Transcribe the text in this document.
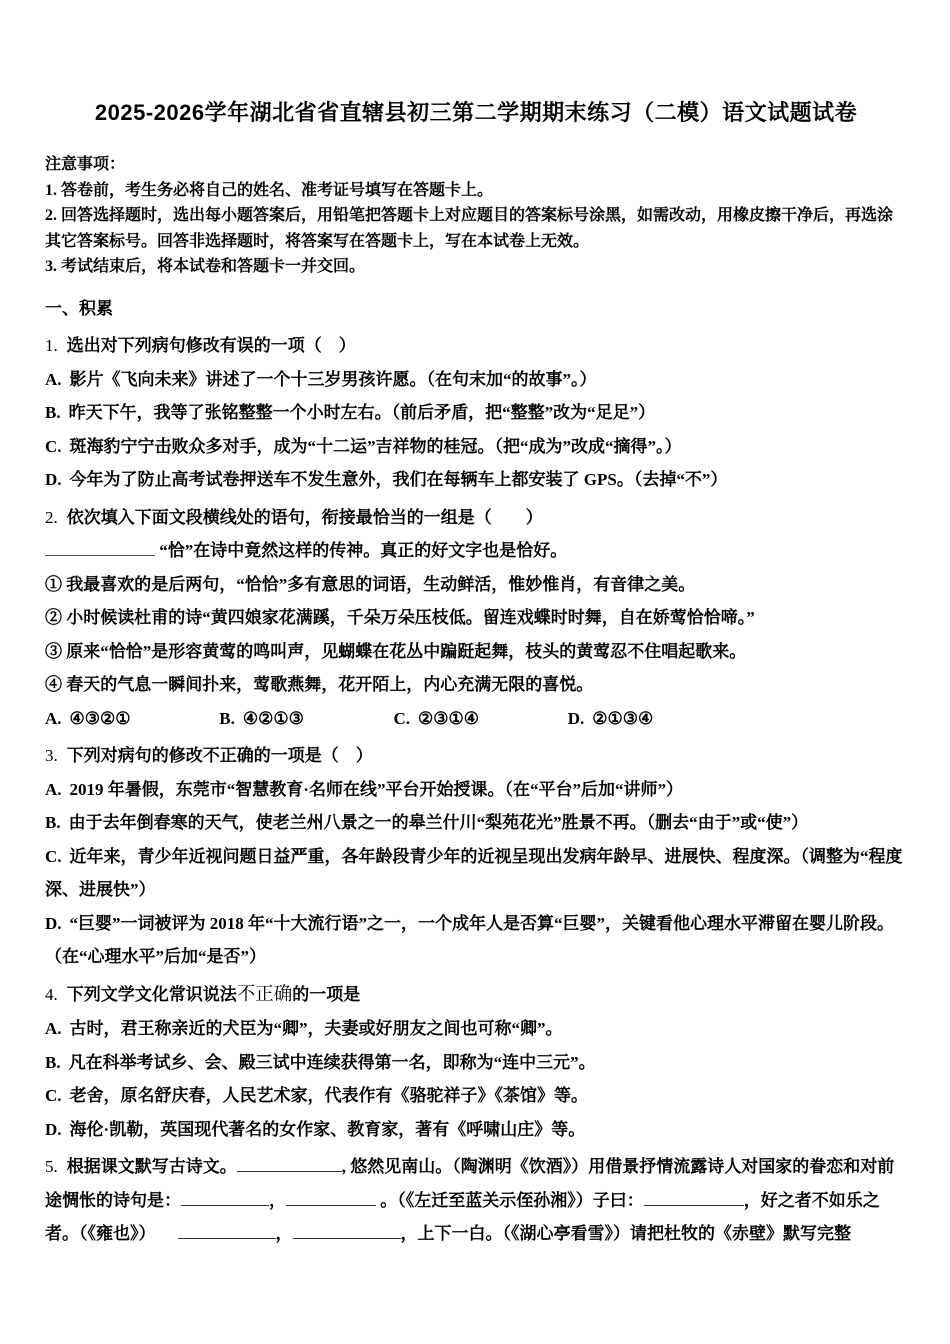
2025-2026学年湖北省省直辖县初三第二学期期末练习（二模）语文试题试卷

注意事项：

1. 答卷前，考生务必将自己的姓名、准考证号填写在答题卡上。

2. 回答选择题时，选出每小题答案后，用铅笔把答题卡上对应题目的答案标号涂黑，如需改动，用橡皮擦干净后，再选涂其它答案标号。回答非选择题时，将答案写在答题卡上，写在本试卷上无效。

3. 考试结束后，将本试卷和答题卡一并交回。

一、积累

1. 选出对下列病句修改有误的一项（　）

A. 影片《飞向未来》讲述了一个十三岁男孩许愿。（在句末加“的故事”。）

B. 昨天下午，我等了张铭整整一个小时左右。（前后矛盾，把“整整”改为“足足”）

C. 斑海豹宁宁击败众多对手，成为“十二运”吉祥物的桂冠。（把“成为”改成“摘得”。）

D. 今年为了防止高考试卷押送车不发生意外，我们在每辆车上都安装了 GPS。（去掉“不”）

2. 依次填入下面文段横线处的语句，衔接最恰当的一组是（　　）

“恰”在诗中竟然这样的传神。真正的好文字也是恰好。

① 我最喜欢的是后两句，“恰恰”多有意思的词语，生动鲜活，惟妙惟肖，有音律之美。

② 小时候读杜甫的诗“黄四娘家花满蹊，千朵万朵压枝低。留连戏蝶时时舞，自在娇莺恰恰啼。”

③ 原来“恰恰”是形容黄莺的鸣叫声，见蝴蝶在花丛中蹁跹起舞，枝头的黄莺忍不住唱起歌来。

④ 春天的气息一瞬间扑来，莺歌燕舞，花开陌上，内心充满无限的喜悦。

A. ④③②①	B. ④②①③	C. ②③①④	D. ②①③④

3. 下列对病句的修改不正确的一项是（　）

A. 2019 年暑假，东莞市“智慧教育·名师在线”平台开始授课。（在“平台”后加“讲师”）

B. 由于去年倒春寒的天气，使老兰州八景之一的皋兰什川“梨苑花光”胜景不再。（删去“由于”或“使”）

C. 近年来，青少年近视问题日益严重，各年龄段青少年的近视呈现出发病年龄早、进展快、程度深。（调整为“程度深、进展快”）

D. “巨婴”一词被评为 2018 年“十大流行语”之一，一个成年人是否算“巨婴”，关键看他心理水平滞留在婴儿阶段。（在“心理水平”后加“是否”）

4. 下列文学文化常识说法不正确的一项是

A. 古时，君王称亲近的犬臣为“卿”，夫妻或好朋友之间也可称“卿”。

B. 凡在科举考试乡、会、殿三试中连续获得第一名，即称为“连中三元”。

C. 老舍，原名舒庆春，人民艺术家，代表作有《骆驼祥子》《茶馆》等。

D. 海伦·凯勒，英国现代著名的女作家、教育家，著有《呼啸山庄》等。

5. 根据课文默写古诗文。	, 悠然见南山。（陶渊明《饮酒》）用借景抒情流露诗人对国家的眷恋和对前途惆怅的诗句是：	，	。（《左迁至蓝关示侄孙湘》）子曰：	，好之者不如乐之者。（《雍也》）	，	，上下一白。（《湖心亭看雪》）请把杜牧的《赤壁》默写完整
